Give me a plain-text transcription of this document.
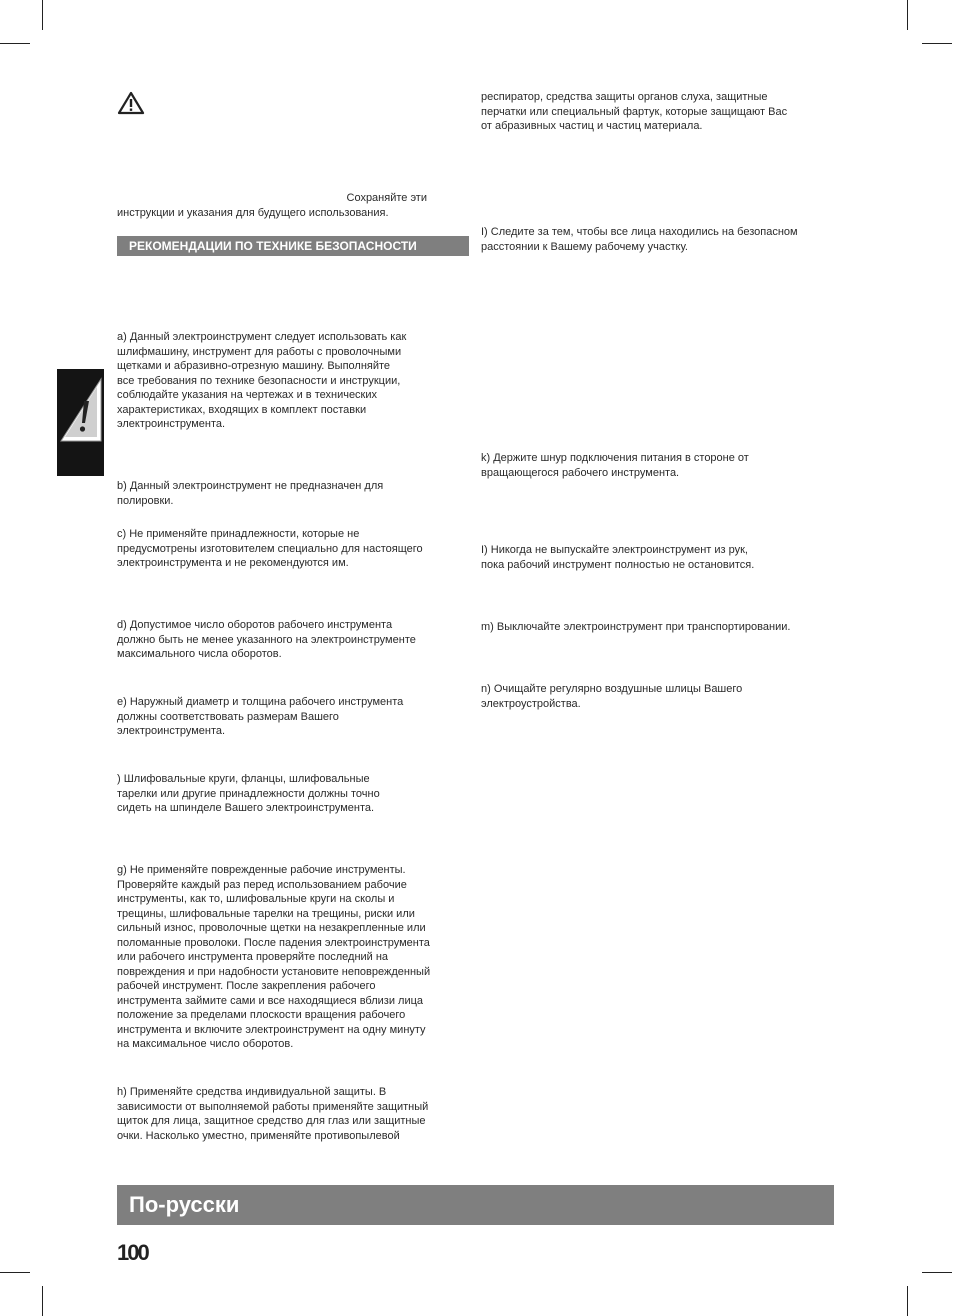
Сохраняйте эти
инструкции и указания для будущего использования.
РЕКОМЕНДАЦИИ ПО ТЕХНИКЕ БЕЗОПАСНОСТИ
a) Данный электроинструмент следует использовать как
шлифмашину, инструмент для работы с проволочными
щетками и абразивно-отрезную машину. Выполняйте
все требования по технике безопасности и инструкции,
соблюдайте указания на чертежах и в технических
характеристиках, входящих в комплект поставки
электроинструмента.
b) Данный электроинструмент не предназначен для
полировки.
c) Не применяйте принадлежности, которые не
предусмотрены изготовителем специально для настоящего
электроинструмента и не рекомендуются им.
d) Допустимое число оборотов рабочего инструмента
должно быть не менее указанного на электроинструменте
максимального числа оборотов.
e) Наружный диаметр и толщина рабочего инструмента
должны соответствовать размерам Вашего
электроинструмента.
) Шлифовальные круги, фланцы, шлифовальные
тарелки или другие принадлежности должны точно
сидеть на шпинделе Вашего электроинструмента.
g) Не применяйте поврежденные рабочие инструменты.
Проверяйте каждый раз перед использованием рабочие
инструменты, как то, шлифовальные круги на сколы и
трещины, шлифовальные тарелки на трещины, риски или
сильный износ, проволочные щетки на незакрепленные или
поломанные проволоки. После падения электроинструмента
или рабочего инструмента проверяйте последний на
повреждения и при надобности установите неповрежденный
рабочей инструмент. После закрепления рабочего
инструмента займите сами и все находящиеся вблизи лица
положение за пределами плоскости вращения рабочего
инструмента и включите электроинструмент на одну минуту
на максимальное число оборотов.
h) Применяйте средства индивидуальной защиты. В
зависимости от выполняемой работы применяйте защитный
щиток для лица, защитное средство для глаз или защитные
очки. Насколько уместно, применяйте противопылевой
респиратор, средства защиты органов слуха, защитные
перчатки или специальный фартук, которые защищают Вас
от абразивных частиц и частиц материала.
I) Следите за тем, чтобы все лица находились на безопасном
расстоянии к Вашему рабочему участку.
k) Держите шнур подключения питания в стороне от
вращающегося рабочего инструмента.
I) Никогда не выпускайте электроинструмент из рук,
пока рабочий инструмент полностью не остановится.
m) Выключайте электроинструмент при транспортировании.
n) Очищайте регулярно воздушные шлицы Вашего
электроустройства.
По-русски
100
